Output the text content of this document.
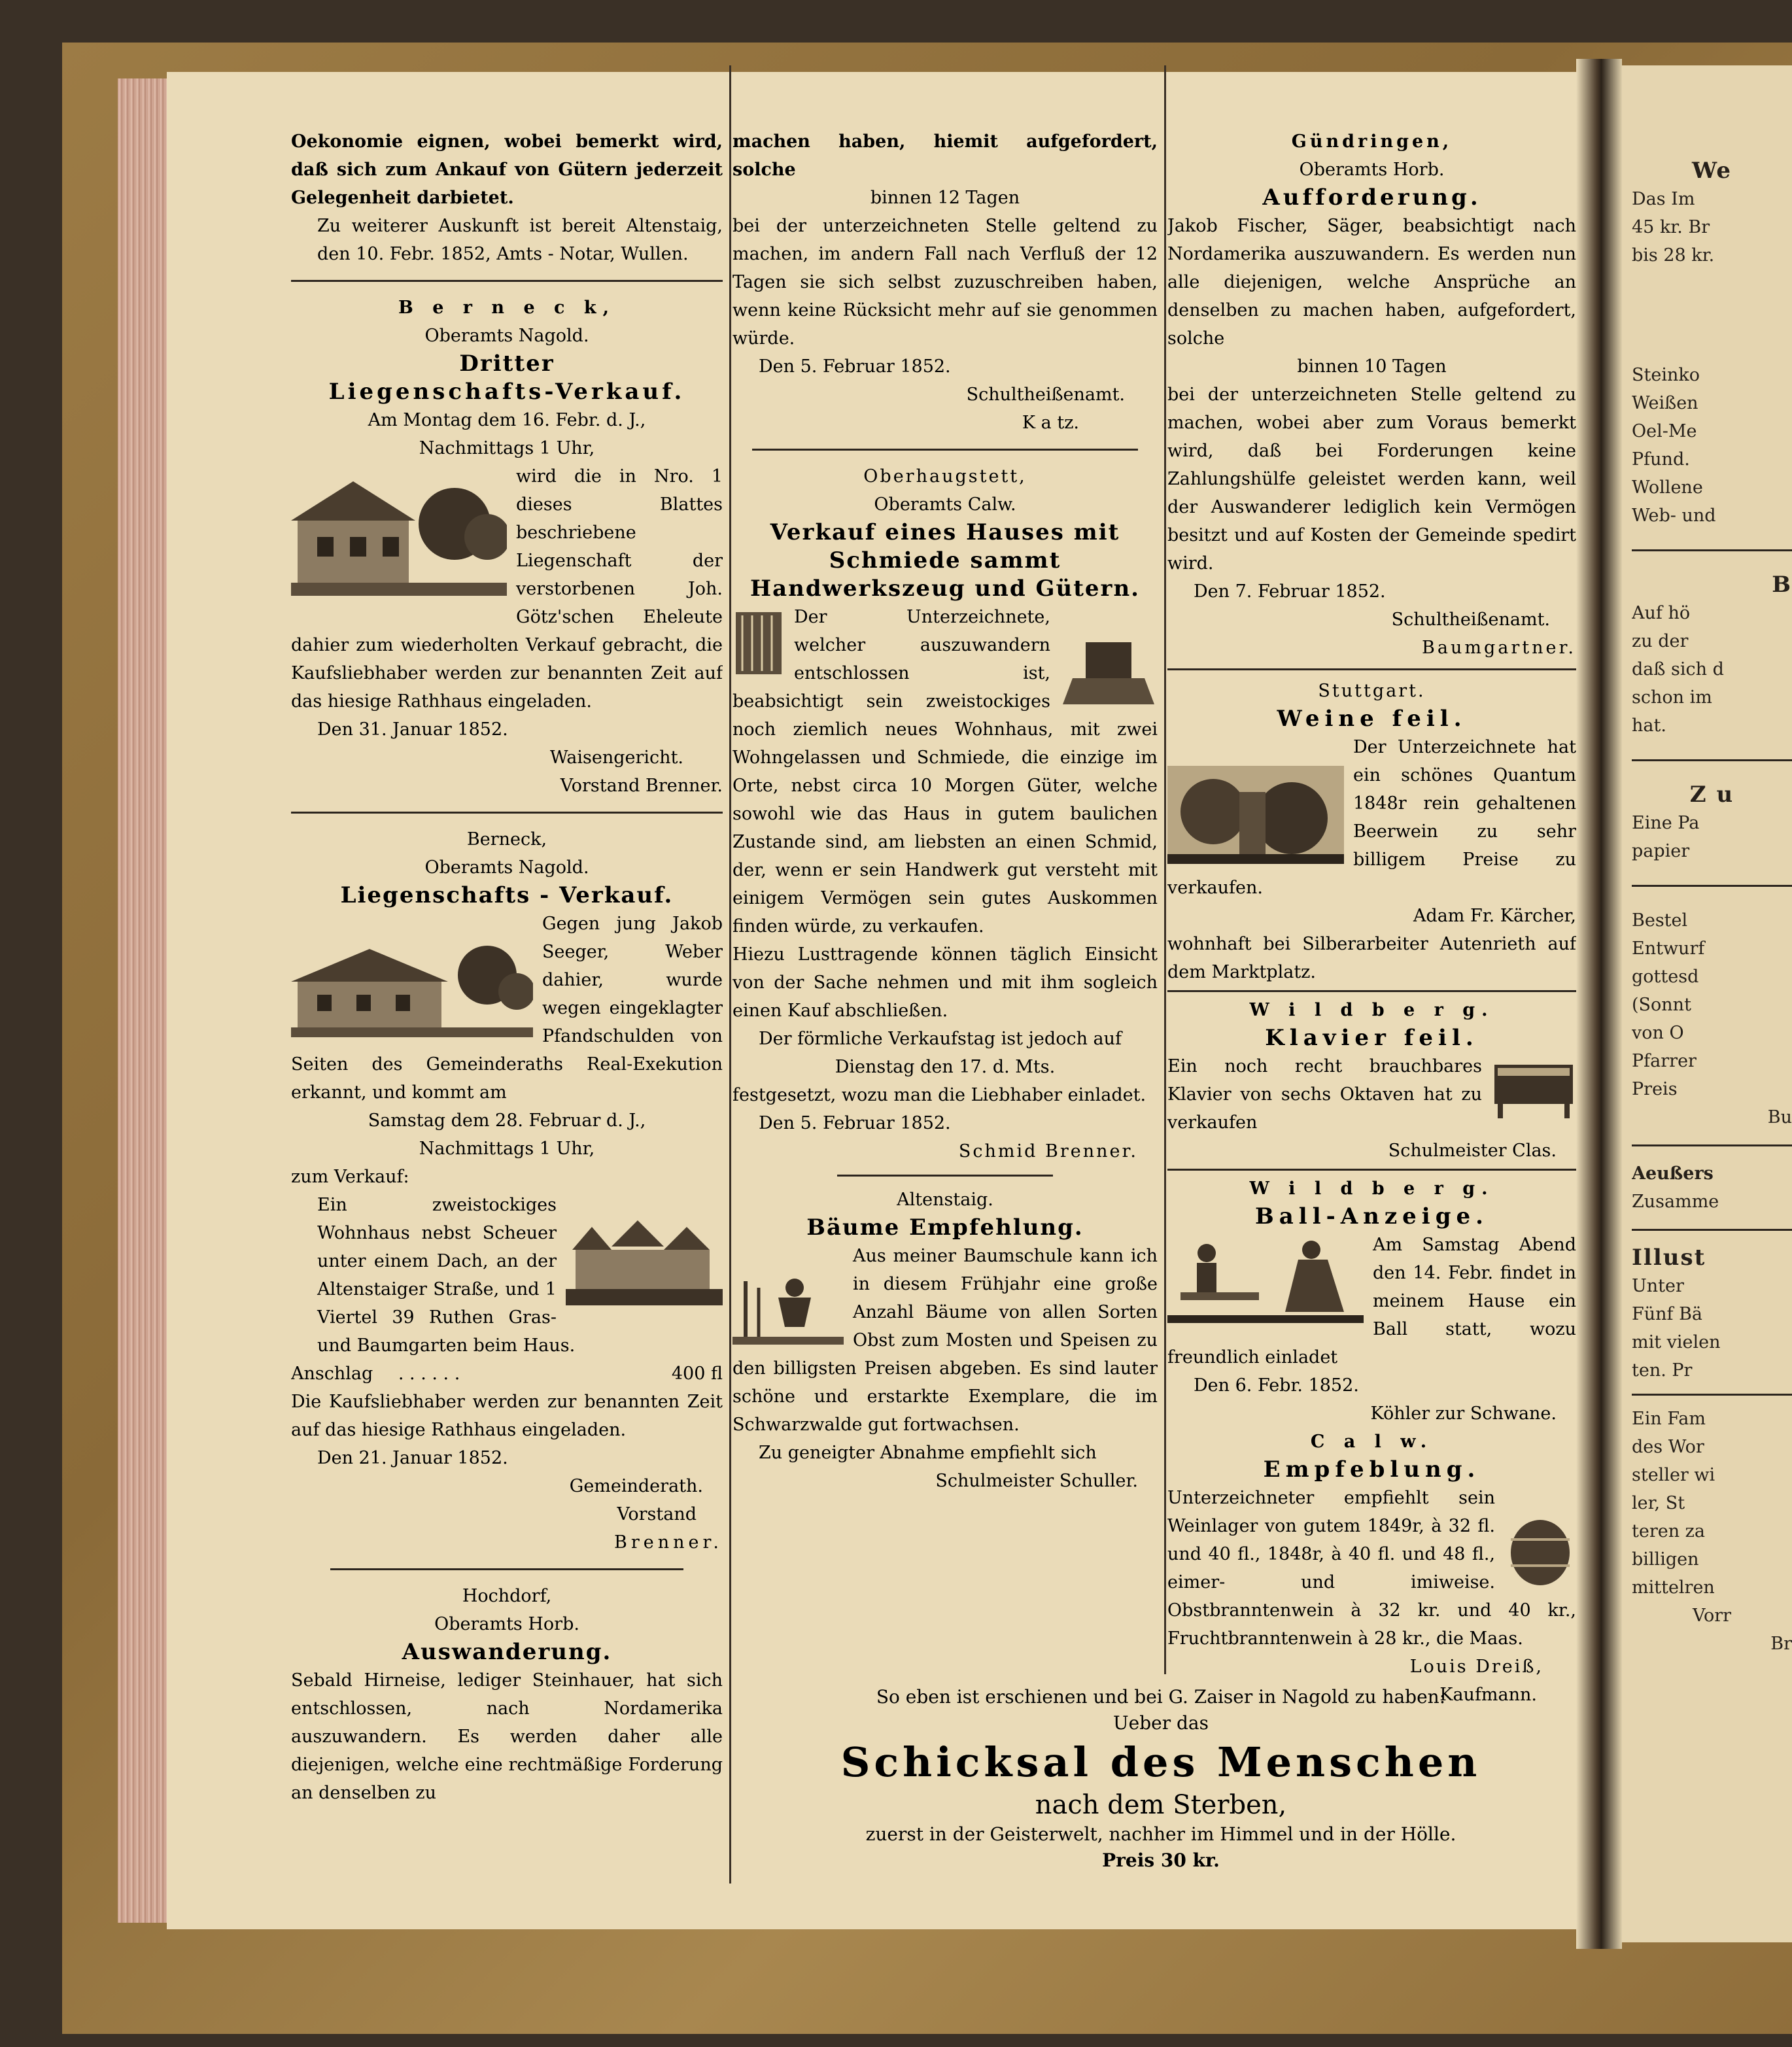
We

Das Im

45 kr. Br

bis 28 kr.

Steinko

Weißen

Oel-Me

Pfund.

Wollene

Web- und

B

Auf hö

zu der

daß sich d

schon im

hat.

Z u

Eine Pa

papier

Bestel

Entwurf

gottesd

(Sonnt

von O

Pfarrer

Preis

Bu

Aeußers

Zusamme

Illust

Unter

Fünf Bä

mit vielen

ten. Pr

Ein Fam

des Wor

steller wi

ler, St

teren za

billigen

mittelren

Vorr

Br

Oekonomie eignen, wobei bemerkt wird, daß sich zum Ankauf von Gütern jederzeit Gelegenheit darbietet.

Zu weiterer Auskunft ist bereit Altenstaig, den 10. Febr. 1852, Amts - Notar, Wullen.

B e r n e c k,

Oberamts Nagold.

Dritter

Liegenschafts-Verkauf.

Am Montag dem 16. Febr. d. J.,

Nachmittags 1 Uhr,

wird die in Nro. 1 dieses Blattes beschriebene Liegenschaft der verstorbenen Joh. Götz'schen Eheleute dahier zum wiederholten Verkauf gebracht, die Kaufsliebhaber werden zur benannten Zeit auf das hiesige Rathhaus eingeladen.

Den 31. Januar 1852.

Waisengericht.

Vorstand Brenner.

Berneck,

Oberamts Nagold.

Liegenschafts - Verkauf.

Gegen jung Jakob Seeger, Weber dahier, wurde wegen eingeklagter Pfandschulden von Seiten des Gemeinderaths Real-Exekution erkannt, und kommt am

Samstag dem 28. Februar d. J.,

Nachmittags 1 Uhr,

zum Verkauf:

Ein zweistockiges Wohnhaus nebst Scheuer unter einem Dach, an der Altenstaiger Straße, und 1 Viertel 39 Ruthen Gras- und Baumgarten beim Haus.

Anschlag . . . . . .	400 fl

Die Kaufsliebhaber werden zur benannten Zeit auf das hiesige Rathhaus eingeladen.

Den 21. Januar 1852.

Gemeinderath.

Vorstand

Brenner.

Hochdorf,

Oberamts Horb.

Auswanderung.

Sebald Hirneise, lediger Steinhauer, hat sich entschlossen, nach Nordamerika auszuwandern. Es werden daher alle diejenigen, welche eine rechtmäßige Forderung an denselben zu

machen haben, hiemit aufgefordert, solche

binnen 12 Tagen

bei der unterzeichneten Stelle geltend zu machen, im andern Fall nach Verfluß der 12 Tagen sie sich selbst zuzuschreiben haben, wenn keine Rücksicht mehr auf sie genommen würde.

Den 5. Februar 1852.

Schultheißenamt.

K a tz.

Oberhaugstett,

Oberamts Calw.

Verkauf eines Hauses mit Schmiede sammt Handwerkszeug und Gütern.

Der Unterzeichnete, welcher auszuwandern entschlossen ist, beabsichtigt sein zweistockiges noch ziemlich neues Wohnhaus, mit zwei Wohngelassen und Schmiede, die einzige im Orte, nebst circa 10 Morgen Güter, welche sowohl wie das Haus in gutem baulichen Zustande sind, am liebsten an einen Schmid, der, wenn er sein Handwerk gut versteht mit einigem Vermögen sein gutes Auskommen finden würde, zu verkaufen.

Hiezu Lusttragende können täglich Einsicht von der Sache nehmen und mit ihm sogleich einen Kauf abschließen.

Der förmliche Verkaufstag ist jedoch auf

Dienstag den 17. d. Mts.

festgesetzt, wozu man die Liebhaber einladet.

Den 5. Februar 1852.

Schmid Brenner.

Altenstaig.

Bäume Empfehlung.

Aus meiner Baumschule kann ich in diesem Frühjahr eine große Anzahl Bäume von allen Sorten Obst zum Mosten und Speisen zu den billigsten Preisen abgeben. Es sind lauter schöne und erstarkte Exemplare, die im Schwarzwalde gut fortwachsen.

Zu geneigter Abnahme empfiehlt sich

Schulmeister Schuller.

Gündringen,

Oberamts Horb.

Aufforderung.

Jakob Fischer, Säger, beabsichtigt nach Nordamerika auszuwandern. Es werden nun alle diejenigen, welche Ansprüche an denselben zu machen haben, aufgefordert, solche

binnen 10 Tagen

bei der unterzeichneten Stelle geltend zu machen, wobei aber zum Voraus bemerkt wird, daß bei Forderungen keine Zahlungshülfe geleistet werden kann, weil der Auswanderer lediglich kein Vermögen besitzt und auf Kosten der Gemeinde spedirt wird.

Den 7. Februar 1852.

Schultheißenamt.

Baumgartner.

Stuttgart.

Weine feil.

Der Unterzeichnete hat ein schönes Quantum 1848r rein gehaltenen Beerwein zu sehr billigem Preise zu verkaufen.

Adam Fr. Kärcher,

wohnhaft bei Silberarbeiter Autenrieth auf dem Marktplatz.

W i l d b e r g.

Klavier feil.

Ein noch recht brauchbares Klavier von sechs Oktaven hat zu verkaufen

Schulmeister Clas.

W i l d b e r g.

Ball-Anzeige.

Am Samstag Abend den 14. Febr. findet in meinem Hause ein Ball statt, wozu freundlich einladet

Den 6. Febr. 1852.

Köhler zur Schwane.

C a l w.

Empfeblung.

Unterzeichneter empfiehlt sein Weinlager von gutem 1849r, à 32 fl. und 40 fl., 1848r, à 40 fl. und 48 fl., eimer- und imiweise. Obstbranntenwein à 32 kr. und 40 kr., Fruchtbranntenwein à 28 kr., die Maas.

Louis Dreiß,

Kaufmann.

So eben ist erschienen und bei G. Zaiser in Nagold zu haben:

Ueber das

Schicksal des Menschen

nach dem Sterben,

zuerst in der Geisterwelt, nachher im Himmel und in der Hölle.

Preis 30 kr.
